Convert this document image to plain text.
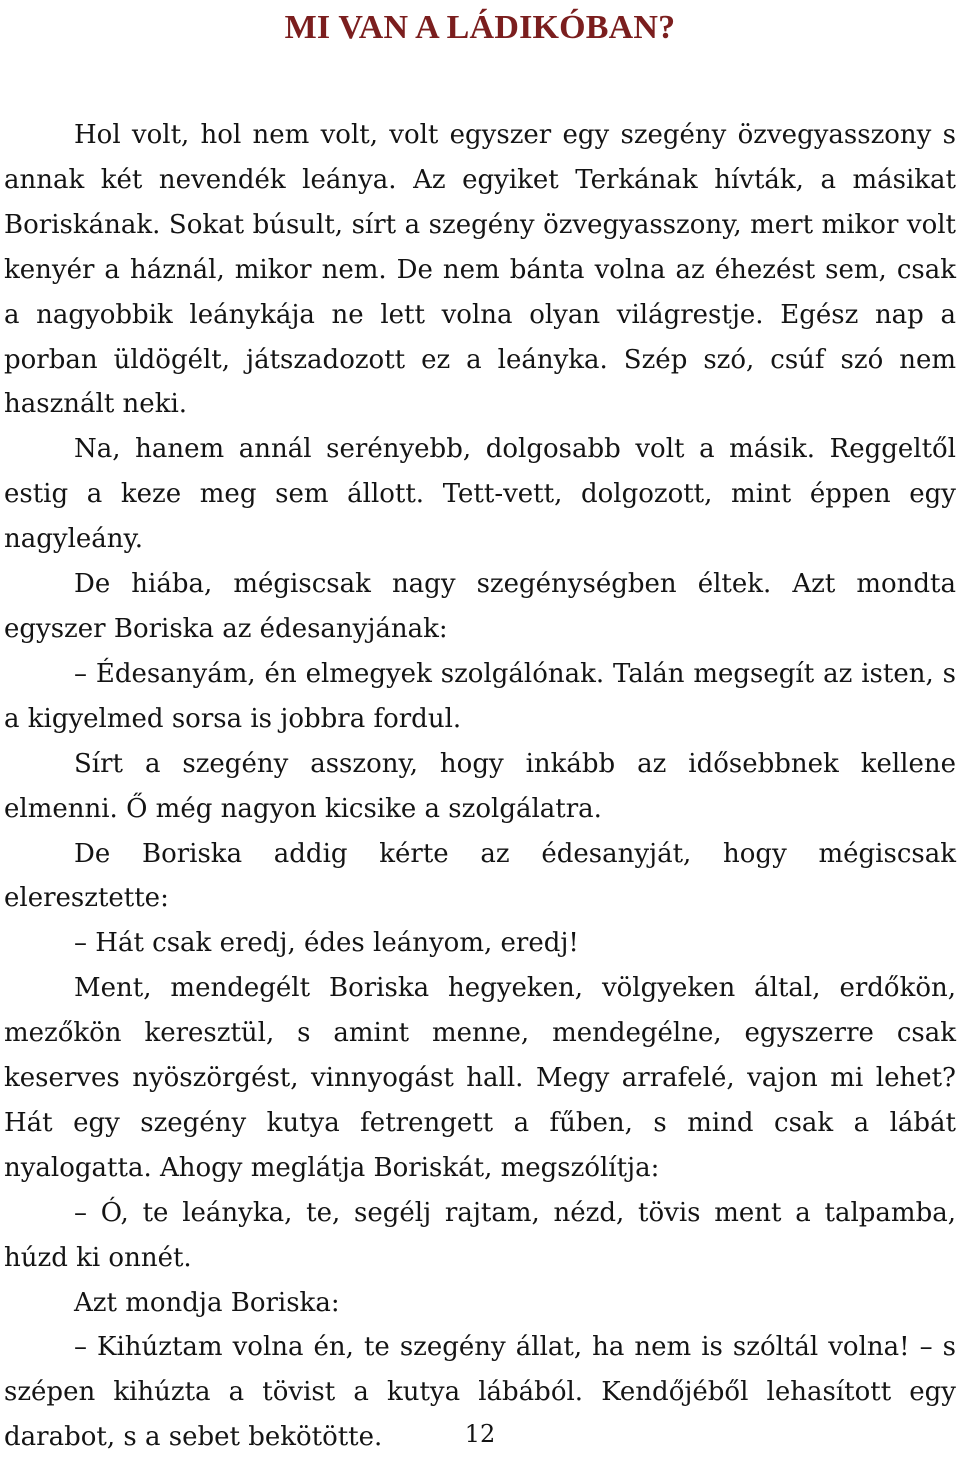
MI VAN A LÁDIKÓBAN?

Hol volt, hol nem volt, volt egyszer egy szegény özvegyasszony s annak két nevendék leánya. Az egyiket Terkának hívták, a másikat Boriskának. Sokat búsult, sírt a szegény özvegyasszony, mert mikor volt kenyér a háznál, mikor nem. De nem bánta volna az éhezést sem, csak a nagyobbik leánykája ne lett volna olyan világrestje. Egész nap a porban üldögélt, játszadozott ez a leányka. Szép szó, csúf szó nem használt neki.

Na, hanem annál serényebb, dolgosabb volt a másik. Reggeltől estig a keze meg sem állott. Tett-vett, dolgozott, mint éppen egy nagyleány.

De hiába, mégiscsak nagy szegénységben éltek. Azt mondta egyszer Boriska az édesanyjának:

– Édesanyám, én elmegyek szolgálónak. Talán megsegít az isten, s a kigyelmed sorsa is jobbra fordul.

Sírt a szegény asszony, hogy inkább az idősebbnek kellene elmenni. Ő még nagyon kicsike a szolgálatra.

De Boriska addig kérte az édesanyját, hogy mégiscsak eleresztette:

– Hát csak eredj, édes leányom, eredj!

Ment, mendegélt Boriska hegyeken, völgyeken által, erdőkön, mezőkön keresztül, s amint menne, mendegélne, egyszerre csak keserves nyöszörgést, vinnyogást hall. Megy arrafelé, vajon mi lehet? Hát egy szegény kutya fetrengett a fűben, s mind csak a lábát nyalogatta. Ahogy meglátja Boriskát, megszólítja:

– Ó, te leányka, te, segélj rajtam, nézd, tövis ment a talpamba, húzd ki onnét.

Azt mondja Boriska:

– Kihúztam volna én, te szegény állat, ha nem is szóltál volna! – s szépen kihúzta a tövist a kutya lábából. Kendőjéből lehasított egy darabot, s a sebet bekötötte.	12
